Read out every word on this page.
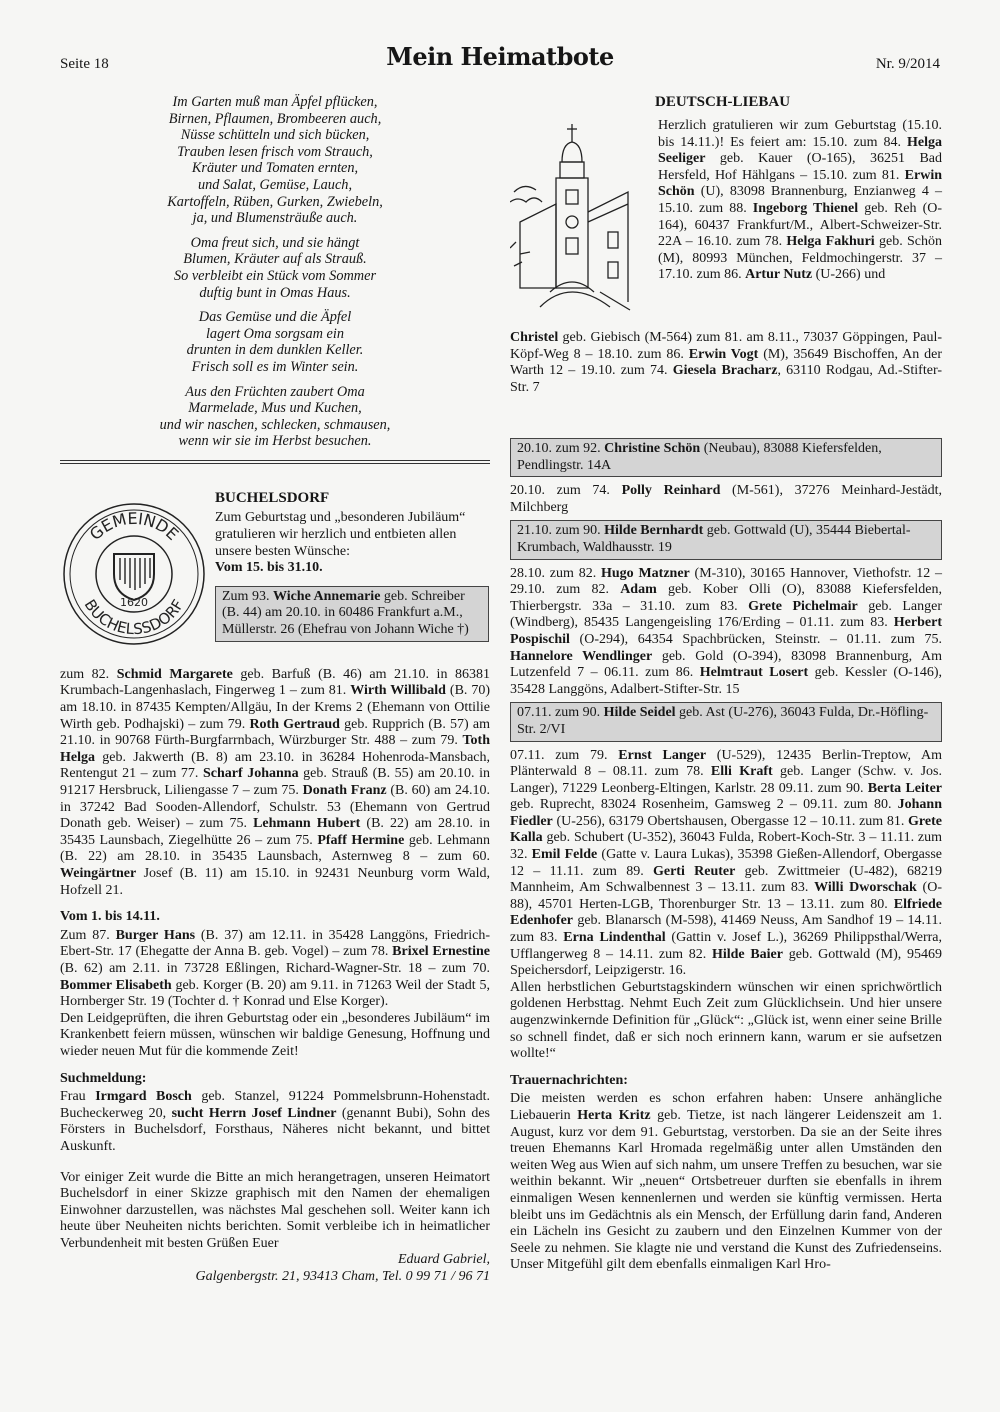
Seite 18	Mein Heimatbote	Nr. 9/2014

Im Garten muß man Äpfel pflücken,
Birnen, Pflaumen, Brombeeren auch,
Nüsse schütteln und sich bücken,
Trauben lesen frisch vom Strauch,
Kräuter und Tomaten ernten,
und Salat, Gemüse, Lauch,
Kartoffeln, Rüben, Gurken, Zwiebeln,
ja, und Blumensträuße auch.

Oma freut sich, und sie hängt
Blumen, Kräuter auf als Strauß.
So verbleibt ein Stück vom Sommer
duftig bunt in Omas Haus.

Das Gemüse und die Äpfel
lagert Oma sorgsam ein
drunten in dem dunklen Keller.
Frisch soll es im Winter sein.

Aus den Früchten zaubert Oma
Marmelade, Mus und Kuchen,
und wir naschen, schlecken, schmausen,
wenn wir sie im Herbst besuchen.

BUCHELSDORF
Zum Geburtstag und „besonderen Jubiläum“ gratulieren wir herzlich und entbieten allen unsere besten Wünsche:
Vom 15. bis 31.10.
GEMEINDE
BUCHELSSDORF
1620	Zum 93. Wiche Annemarie geb. Schreiber (B. 44) am 20.10. in 60486 Frankfurt a.M., Müllerstr. 26 (Ehefrau von Johann Wiche †)

zum 82. Schmid Margarete geb. Barfuß (B. 46) am 21.10. in 86381 Krumbach-Langenhaslach, Fingerweg 1 – zum 81. Wirth Willibald (B. 70) am 18.10. in 87435 Kempten/Allgäu, In der Krems 2 (Ehemann von Ottilie Wirth geb. Podhajski) – zum 79. Roth Gertraud geb. Rupprich (B. 57) am 21.10. in 90768 Fürth-Burgfarrnbach, Würzburger Str. 488 – zum 79. Toth Helga geb. Jakwerth (B. 8) am 23.10. in 36284 Hohenroda-Mansbach, Rentengut 21 – zum 77. Scharf Johanna geb. Strauß (B. 55) am 20.10. in 91217 Hersbruck, Liliengasse 7 – zum 75. Donath Franz (B. 60) am 24.10. in 37242 Bad Sooden-Allendorf, Schulstr. 53 (Ehemann von Gertrud Donath geb. Weiser) – zum 75. Lehmann Hubert (B. 22) am 28.10. in 35435 Launsbach, Ziegelhütte 26 – zum 75. Pfaff Hermine geb. Lehmann (B. 22) am 28.10. in 35435 Launsbach, Asternweg 8 – zum 60. Weingärtner Josef (B. 11) am 15.10. in 92431 Neunburg vorm Wald, Hofzell 21.

Vom 1. bis 14.11.

Zum 87. Burger Hans (B. 37) am 12.11. in 35428 Langgöns, Friedrich-Ebert-Str. 17 (Ehegatte der Anna B. geb. Vogel) – zum 78. Brixel Ernestine (B. 62) am 2.11. in 73728 Eßlingen, Richard-Wagner-Str. 18 – zum 70. Bommer Elisabeth geb. Korger (B. 20) am 9.11. in 71263 Weil der Stadt 5, Hornberger Str. 19 (Tochter d. † Konrad und Else Korger).

Den Leidgeprüften, die ihren Geburtstag oder ein „besonderes Jubiläum“ im Krankenbett feiern müssen, wünschen wir baldige Genesung, Hoffnung und wieder neuen Mut für die kommende Zeit!

Suchmeldung:

Frau Irmgard Bosch geb. Stanzel, 91224 Pommelsbrunn-Hohenstadt. Bucheckerweg 20, sucht Herrn Josef Lindner (genannt Bubi), Sohn des Försters in Buchelsdorf, Forsthaus, Näheres nicht bekannt, und bittet Auskunft.

Vor einiger Zeit wurde die Bitte an mich herangetragen, unseren Heimatort Buchelsdorf in einer Skizze graphisch mit den Namen der ehemaligen Einwohner darzustellen, was nächstes Mal geschehen soll. Weiter kann ich heute über Neuheiten nichts berichten. Somit verbleibe ich in heimatlicher Verbundenheit mit besten Grüßen Euer

Eduard Gabriel,
Galgenbergstr. 21, 93413 Cham, Tel. 0 99 71 / 96 71
DEUTSCH-LIEBAU
Herzlich gratulieren wir zum Geburtstag (15.10. bis 14.11.)! Es feiert am: 15.10. zum 84. Helga Seeliger geb. Kauer (O-165), 36251 Bad Hersfeld, Hof Hählgans – 15.10. zum 81. Erwin Schön (U), 83098 Brannenburg, Enzianweg 4 – 15.10. zum 88. Ingeborg Thienel geb. Reh (O-164), 60437 Frankfurt/M., Albert-Schweizer-Str. 22A – 16.10. zum 78. Helga Fakhuri geb. Schön (M), 80993 München, Feldmochingerstr. 37 – 17.10. zum 86. Artur Nutz (U-266) und
Christel geb. Giebisch (M-564) zum 81. am 8.11., 73037 Göppingen, Paul-Köpf-Weg 8 – 18.10. zum 86. Erwin Vogt (M), 35649 Bischoffen, An der Warth 12 – 19.10. zum 74. Giesela Bracharz, 63110 Rodgau, Ad.-Stifter-Str. 7
20.10. zum 92. Christine Schön (Neubau), 83088 Kiefersfelden, Pendlingstr. 14A

20.10. zum 74. Polly Reinhard (M-561), 37276 Meinhard-Jestädt, Milchberg

21.10. zum 90. Hilde Bernhardt geb. Gottwald (U), 35444 Biebertal-Krumbach, Waldhausstr. 19

28.10. zum 82. Hugo Matzner (M-310), 30165 Hannover, Viethofstr. 12 – 29.10. zum 82. Adam geb. Kober Olli (O), 83088 Kiefersfelden, Thierbergstr. 33a – 31.10. zum 83. Grete Pichelmair geb. Langer (Windberg), 85435 Langengeisling 176/Erding – 01.11. zum 83. Herbert Pospischil (O-294), 64354 Spachbrücken, Steinstr. – 01.11. zum 75. Hannelore Wendlinger geb. Gold (O-394), 83098 Brannenburg, Am Lutzenfeld 7 – 06.11. zum 86. Helmtraut Losert geb. Kessler (O-146), 35428 Langgöns, Adalbert-Stifter-Str. 15

07.11. zum 90. Hilde Seidel geb. Ast (U-276), 36043 Fulda, Dr.-Höfling-Str. 2/VI

07.11. zum 79. Ernst Langer (U-529), 12435 Berlin-Treptow, Am Plänterwald 8 – 08.11. zum 78. Elli Kraft geb. Langer (Schw. v. Jos. Langer), 71229 Leonberg-Eltingen, Karlstr. 28 09.11. zum 90. Berta Leiter geb. Ruprecht, 83024 Rosenheim, Gamsweg 2 – 09.11. zum 80. Johann Fiedler (U-256), 63179 Obertshausen, Obergasse 12 – 10.11. zum 81. Grete Kalla geb. Schubert (U-352), 36043 Fulda, Robert-Koch-Str. 3 – 11.11. zum 32. Emil Felde (Gatte v. Laura Lukas), 35398 Gießen-Allendorf, Obergasse 12 – 11.11. zum 89. Gerti Reuter geb. Zwittmeier (U-482), 68219 Mannheim, Am Schwalbennest 3 – 13.11. zum 83. Willi Dworschak (O-88), 45701 Herten-LGB, Thorenburger Str. 13 – 13.11. zum 80. Elfriede Edenhofer geb. Blanarsch (M-598), 41469 Neuss, Am Sandhof 19 – 14.11. zum 83. Erna Lindenthal (Gattin v. Josef L.), 36269 Philippsthal/Werra, Ufflangerweg 8 – 14.11. zum 82. Hilde Baier geb. Gottwald (M), 95469 Speichersdorf, Leipzigerstr. 16.

Allen herbstlichen Geburtstagskindern wünschen wir einen sprichwörtlich goldenen Herbsttag. Nehmt Euch Zeit zum Glücklichsein. Und hier unsere augenzwinkernde Definition für „Glück“: „Glück ist, wenn einer seine Brille so schnell findet, daß er sich noch erinnern kann, warum er sie aufsetzen wollte!“

Trauernachrichten:

Die meisten werden es schon erfahren haben: Unsere anhängliche Liebauerin Herta Kritz geb. Tietze, ist nach längerer Leidenszeit am 1. August, kurz vor dem 91. Geburtstag, verstorben. Da sie an der Seite ihres treuen Ehemanns Karl Hromada regelmäßig unter allen Umständen den weiten Weg aus Wien auf sich nahm, um unsere Treffen zu besuchen, war sie weithin bekannt. Wir „neuen“ Ortsbetreuer durften sie ebenfalls in ihrem einmaligen Wesen kennenlernen und werden sie künftig vermissen. Herta bleibt uns im Gedächtnis als ein Mensch, der Erfüllung darin fand, Anderen ein Lächeln ins Gesicht zu zaubern und den Einzelnen Kummer von der Seele zu nehmen. Sie klagte nie und verstand die Kunst des Zufriedenseins. Unser Mitgefühl gilt dem ebenfalls einmaligen Karl Hro-
